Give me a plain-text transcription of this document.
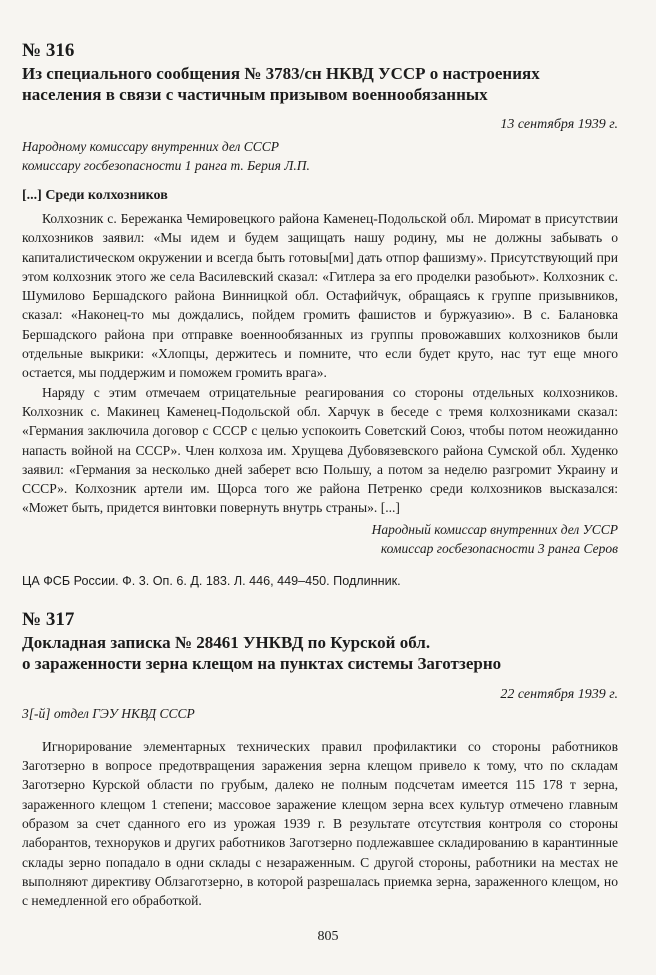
№ 316
Из специального сообщения № 3783/сн НКВД УССР о настроениях
населения в связи с частичным призывом военнообязанных
13 сентября 1939 г.
Народному комиссару внутренних дел СССР
комиссару госбезопасности 1 ранга т. Берия Л.П.
[...] Среди колхозников

Колхозник с. Бережанка Чемировецкого района Каменец-Подольской обл. Миромат в присутствии колхозников заявил: «Мы идем и будем защищать нашу родину, мы не должны забывать о капиталистическом окружении и всегда быть готовы[ми] дать отпор фашизму». Присутствующий при этом колхозник этого же села Василевский сказал: «Гитлера за его проделки разобьют». Колхозник с. Шумилово Бершадского района Винницкой обл. Остафийчук, обращаясь к группе призывников, сказал: «Наконец-то мы дождались, пойдем громить фашистов и буржуазию». В с. Балановка Бершадского района при отправке военнообязанных из группы провожавших колхозников были отдельные выкрики: «Хлопцы, держитесь и помните, что если будет круто, нас тут еще много остается, мы поддержим и поможем громить врага».

Наряду с этим отмечаем отрицательные реагирования со стороны отдельных колхозников. Колхозник с. Макинец Каменец-Подольской обл. Харчук в беседе с тремя колхозниками сказал: «Германия заключила договор с СССР с целью успокоить Советский Союз, чтобы потом неожиданно напасть войной на СССР». Член колхоза им. Хрущева Дубовязевского района Сумской обл. Худенко заявил: «Германия за несколько дней заберет всю Польшу, а потом за неделю разгромит Украину и СССР». Колхозник артели им. Щорса того же района Петренко среди колхозников высказался: «Может быть, придется винтовки повернуть внутрь страны». [...]

Народный комиссар внутренних дел УССР
комиссар госбезопасности 3 ранга Серов
ЦА ФСБ России. Ф. 3. Оп. 6. Д. 183. Л. 446, 449–450. Подлинник.
№ 317
Докладная записка № 28461 УНКВД по Курской обл.
о зараженности зерна клещом на пунктах системы Заготзерно
22 сентября 1939 г.
3[-й] отдел ГЭУ НКВД СССР

Игнорирование элементарных технических правил профилактики со стороны работников Заготзерно в вопросе предотвращения заражения зерна клещом привело к тому, что по складам Заготзерно Курской области по грубым, далеко не полным подсчетам имеется 115 178 т зерна, зараженного клещом 1 степени; массовое заражение клещом зерна всех культур отмечено главным образом за счет сданного его из урожая 1939 г. В результате отсутствия контроля со стороны лаборантов, техноруков и других работников Заготзерно подлежавшее складированию в карантинные склады зерно попадало в одни склады с незараженным. С другой стороны, работники на местах не выполняют директиву Облзаготзерно, в которой разрешалась приемка зерна, зараженного клещом, но с немедленной его обработкой.

805
